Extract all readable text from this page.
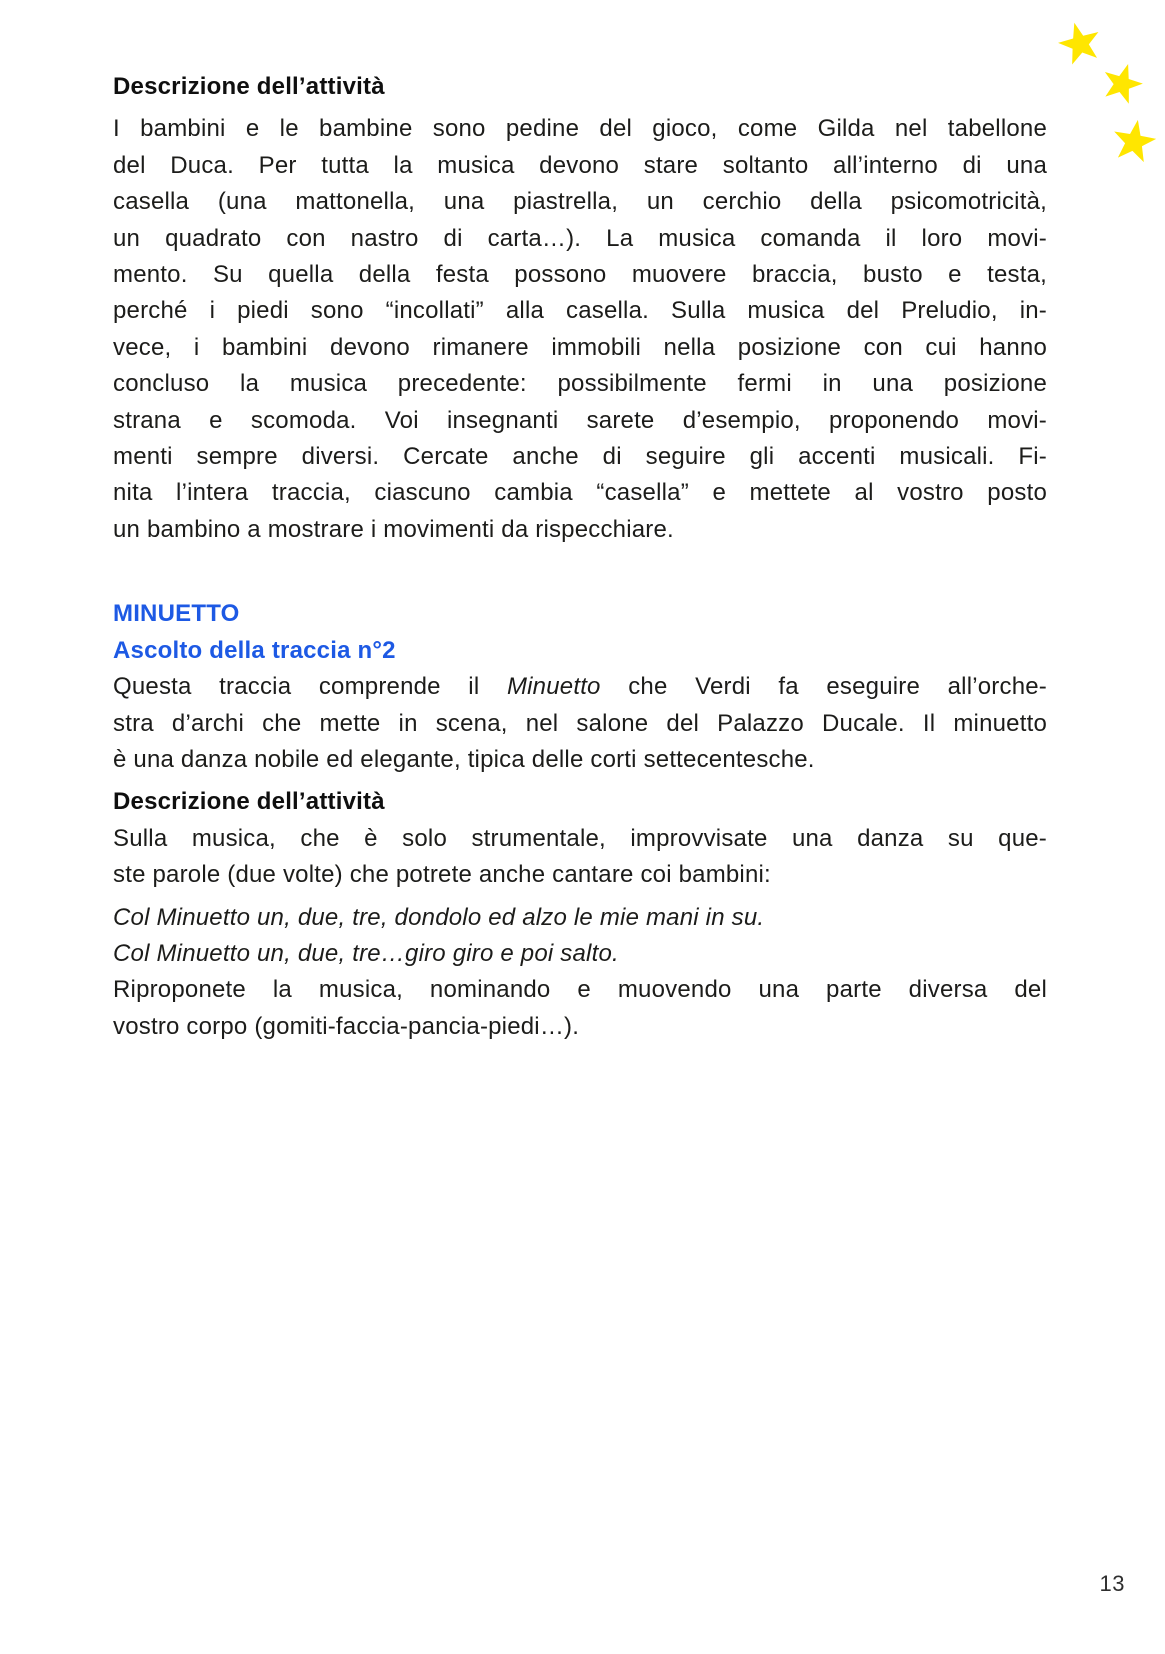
Descrizione dell’attività
I bambini e le bambine sono pedine del gioco, come Gilda nel tabellone
del Duca. Per tutta la musica devono stare soltanto all’interno di una
casella (una mattonella, una piastrella, un cerchio della psicomotricità,
un quadrato con nastro di carta…). La musica comanda il loro movi-
mento. Su quella della festa possono muovere braccia, busto e testa,
perché i piedi sono “incollati” alla casella. Sulla musica del Preludio, in-
vece, i bambini devono rimanere immobili nella posizione con cui hanno
concluso la musica precedente: possibilmente fermi in una posizione
strana e scomoda. Voi insegnanti sarete d’esempio, proponendo movi-
menti sempre diversi. Cercate anche di seguire gli accenti musicali. Fi-
nita l’intera traccia, ciascuno cambia “casella” e mettete al vostro posto
un bambino a mostrare i movimenti da rispecchiare.
MINUETTO
Ascolto della traccia n°2
Questa traccia comprende il Minuetto che Verdi fa eseguire all’orche-
stra d’archi che mette in scena, nel salone del Palazzo Ducale. Il minuetto
è una danza nobile ed elegante, tipica delle corti settecentesche.
Descrizione dell’attività
Sulla musica, che è solo strumentale, improvvisate una danza su que-
ste parole (due volte) che potrete anche cantare coi bambini:
Col Minuetto un, due, tre, dondolo ed alzo le mie mani in su.
Col Minuetto un, due, tre…giro giro e poi salto.
Riproponete la musica, nominando e muovendo una parte diversa del
vostro corpo (gomiti-faccia-pancia-piedi…).
13
